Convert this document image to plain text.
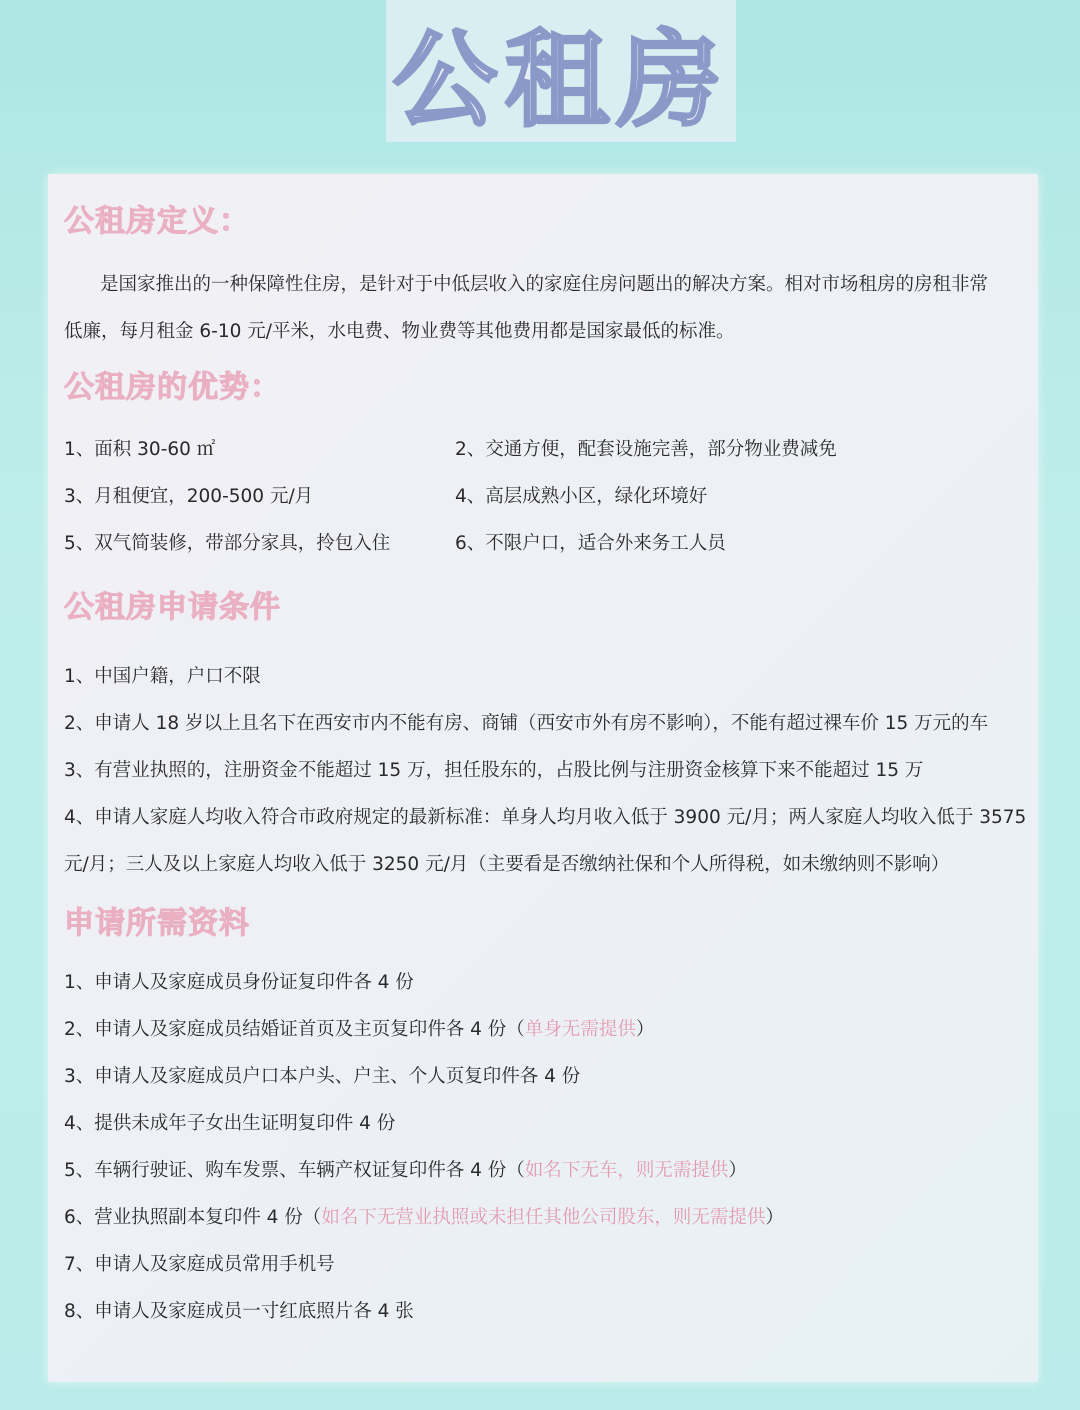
公租房
公租房定义：
是国家推出的一种保障性住房，是针对于中低层收入的家庭住房问题出的解决方案。相对市场租房的房租非常
低廉，每月租金 6-10 元/平米，水电费、物业费等其他费用都是国家最低的标准。
公租房的优势：
1、面积 30-60 ㎡	2、交通方便，配套设施完善，部分物业费减免
3、月租便宜，200-500 元/月	4、高层成熟小区，绿化环境好
5、双气简装修，带部分家具，拎包入住	6、不限户口，适合外来务工人员
公租房申请条件
1、中国户籍，户口不限
2、申请人 18 岁以上且名下在西安市内不能有房、商铺（西安市外有房不影响），不能有超过裸车价 15 万元的车
3、有营业执照的，注册资金不能超过 15 万，担任股东的，占股比例与注册资金核算下来不能超过 15 万
4、申请人家庭人均收入符合市政府规定的最新标准：单身人均月收入低于 3900 元/月；两人家庭人均收入低于 3575
元/月；三人及以上家庭人均收入低于 3250 元/月（主要看是否缴纳社保和个人所得税，如未缴纳则不影响）
申请所需资料
1、申请人及家庭成员身份证复印件各 4 份
2、申请人及家庭成员结婚证首页及主页复印件各 4 份（单身无需提供）
3、申请人及家庭成员户口本户头、户主、个人页复印件各 4 份
4、提供未成年子女出生证明复印件 4 份
5、车辆行驶证、购车发票、车辆产权证复印件各 4 份（如名下无车，则无需提供）
6、营业执照副本复印件 4 份（如名下无营业执照或未担任其他公司股东，则无需提供）
7、申请人及家庭成员常用手机号
8、申请人及家庭成员一寸红底照片各 4 张
